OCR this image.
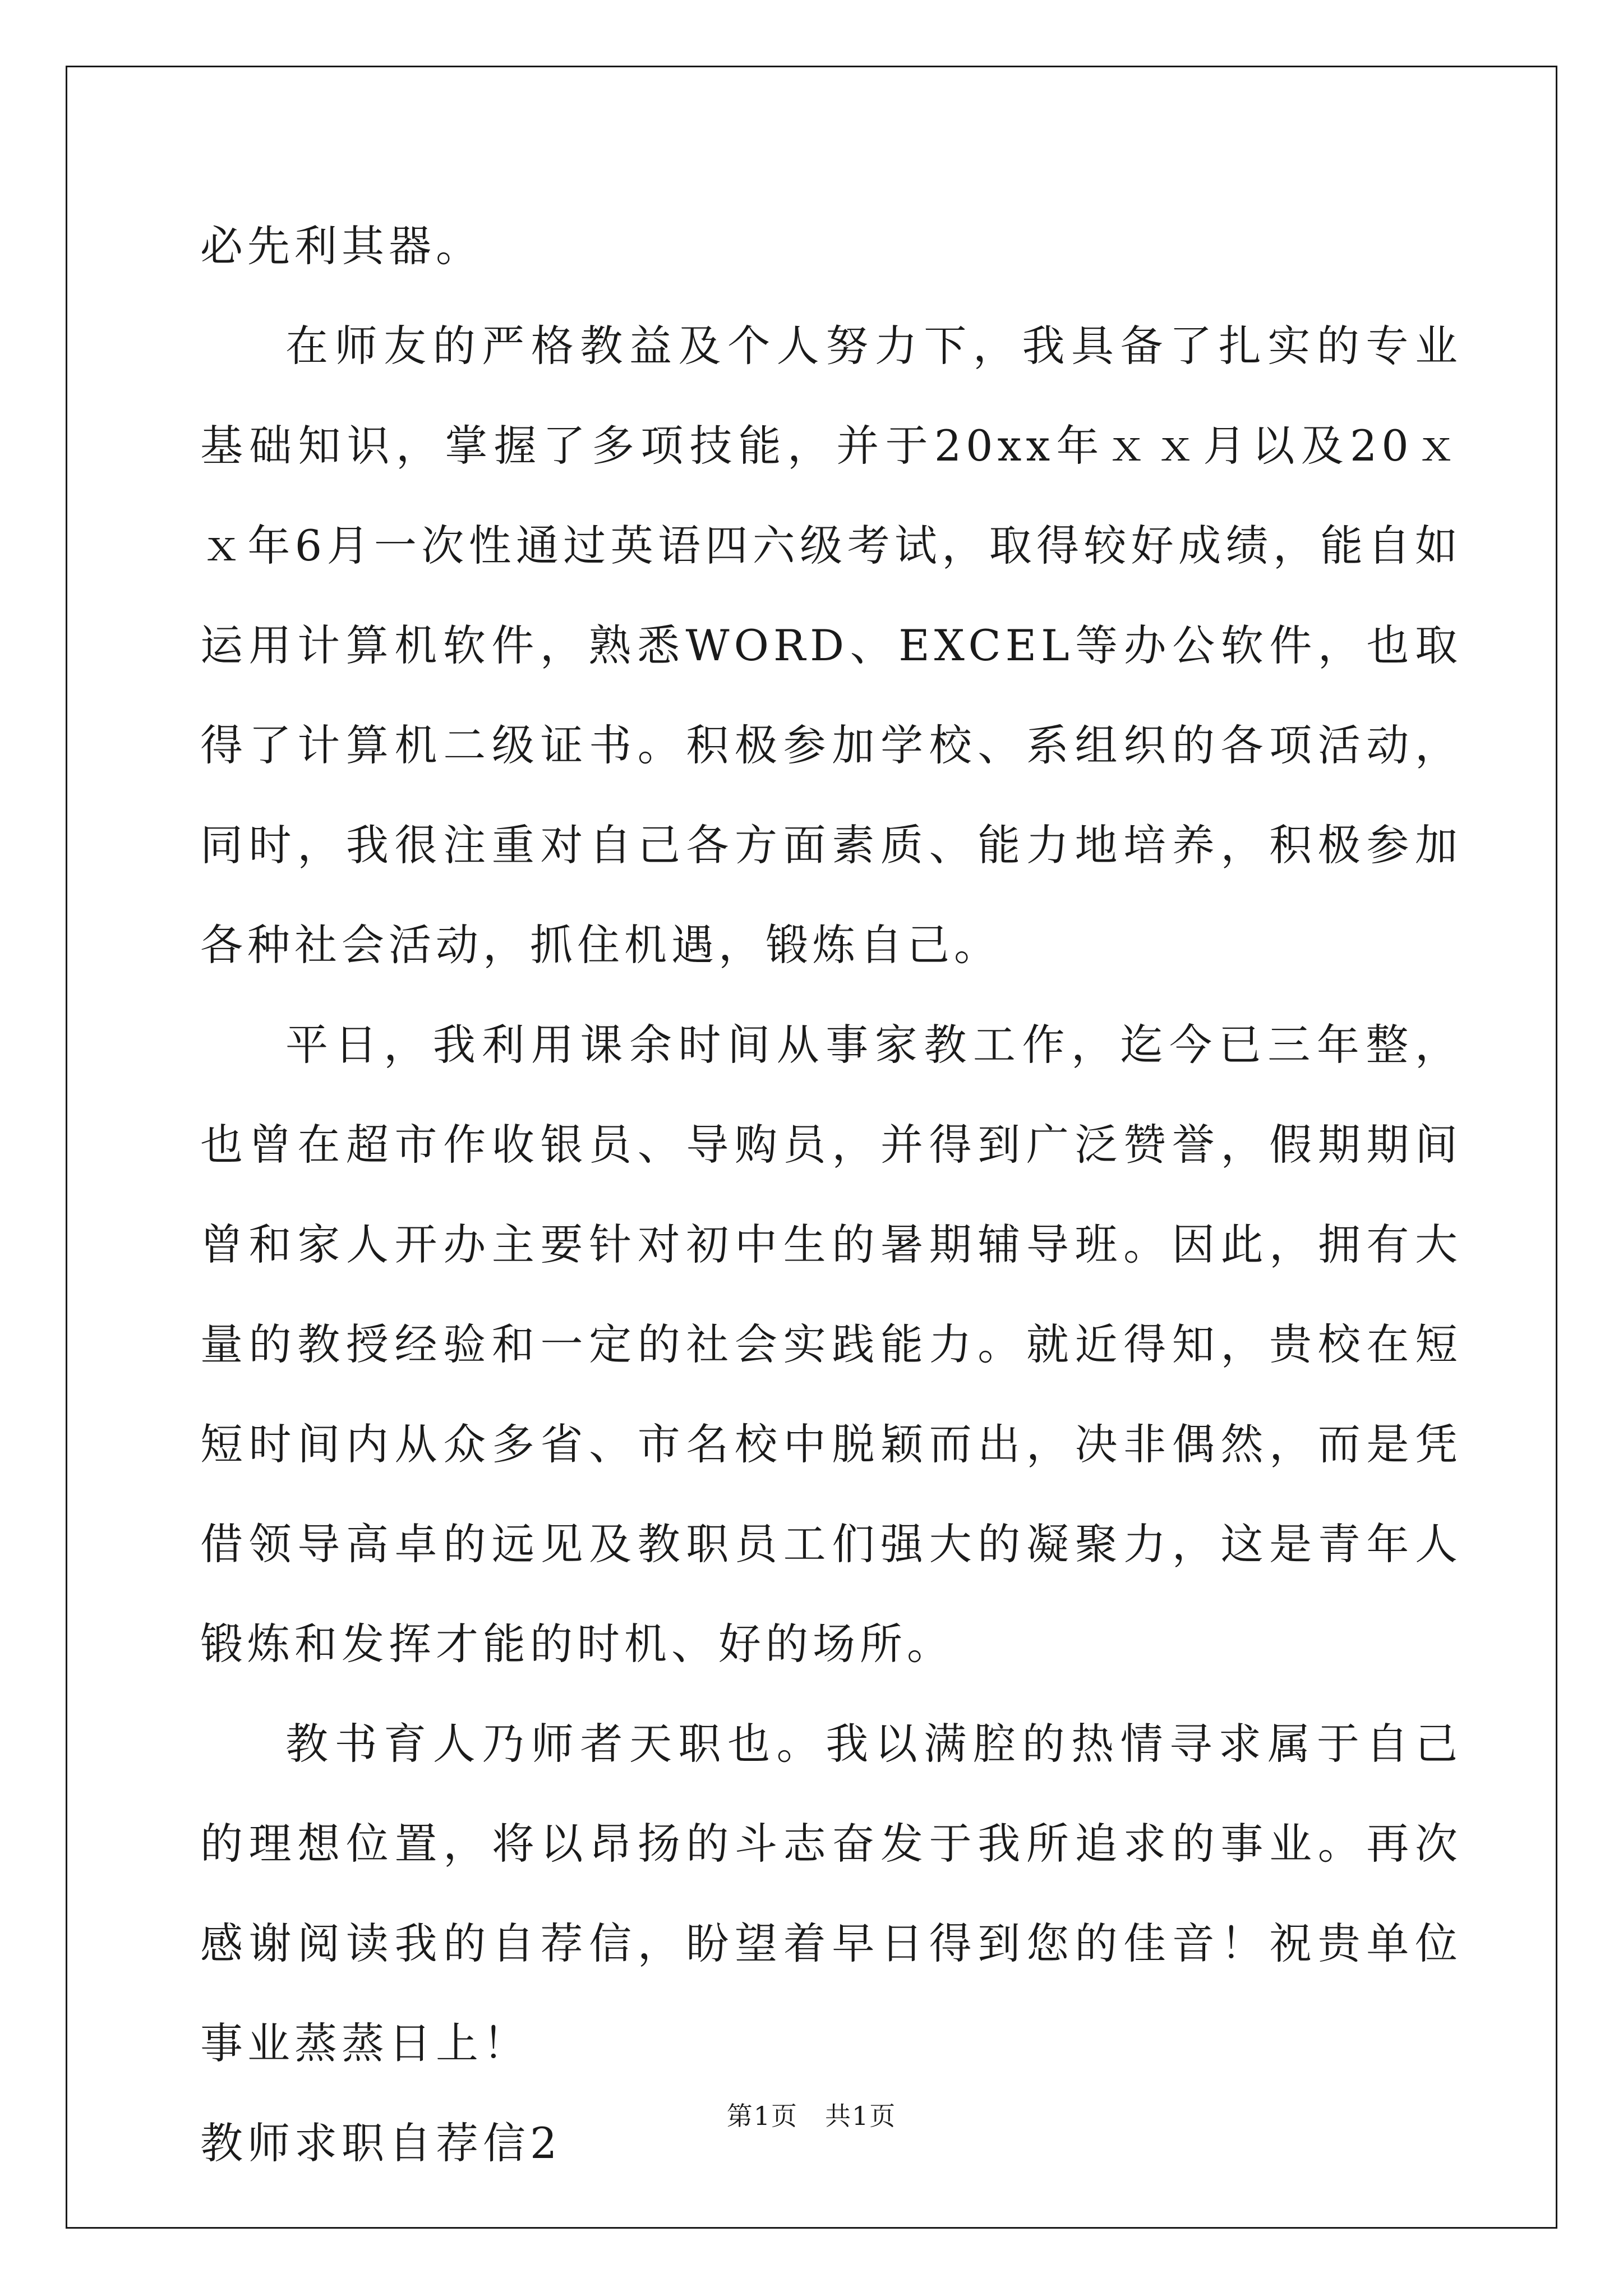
必先利其器。

在师友的严格教益及个人努力下，我具备了扎实的专业基础知识，掌握了多项技能，并于20xx年ｘｘ月以及20ｘｘ年6月一次性通过英语四六级考试，取得较好成绩，能自如运用计算机软件，熟悉WORD、EXCEL等办公软件，也取得了计算机二级证书。积极参加学校、系组织的各项活动，同时，我很注重对自己各方面素质、能力地培养，积极参加各种社会活动，抓住机遇，锻炼自己。

平日，我利用课余时间从事家教工作，迄今已三年整，也曾在超市作收银员、导购员，并得到广泛赞誉，假期期间曾和家人开办主要针对初中生的暑期辅导班。因此，拥有大量的教授经验和一定的社会实践能力。就近得知，贵校在短短时间内从众多省、市名校中脱颖而出，决非偶然，而是凭借领导高卓的远见及教职员工们强大的凝聚力，这是青年人锻炼和发挥才能的时机、好的场所。

教书育人乃师者天职也。我以满腔的热情寻求属于自己的理想位置，将以昂扬的斗志奋发于我所追求的事业。再次感谢阅读我的自荐信，盼望着早日得到您的佳音！祝贵单位事业蒸蒸日上！

教师求职自荐信2

第1页　共1页
